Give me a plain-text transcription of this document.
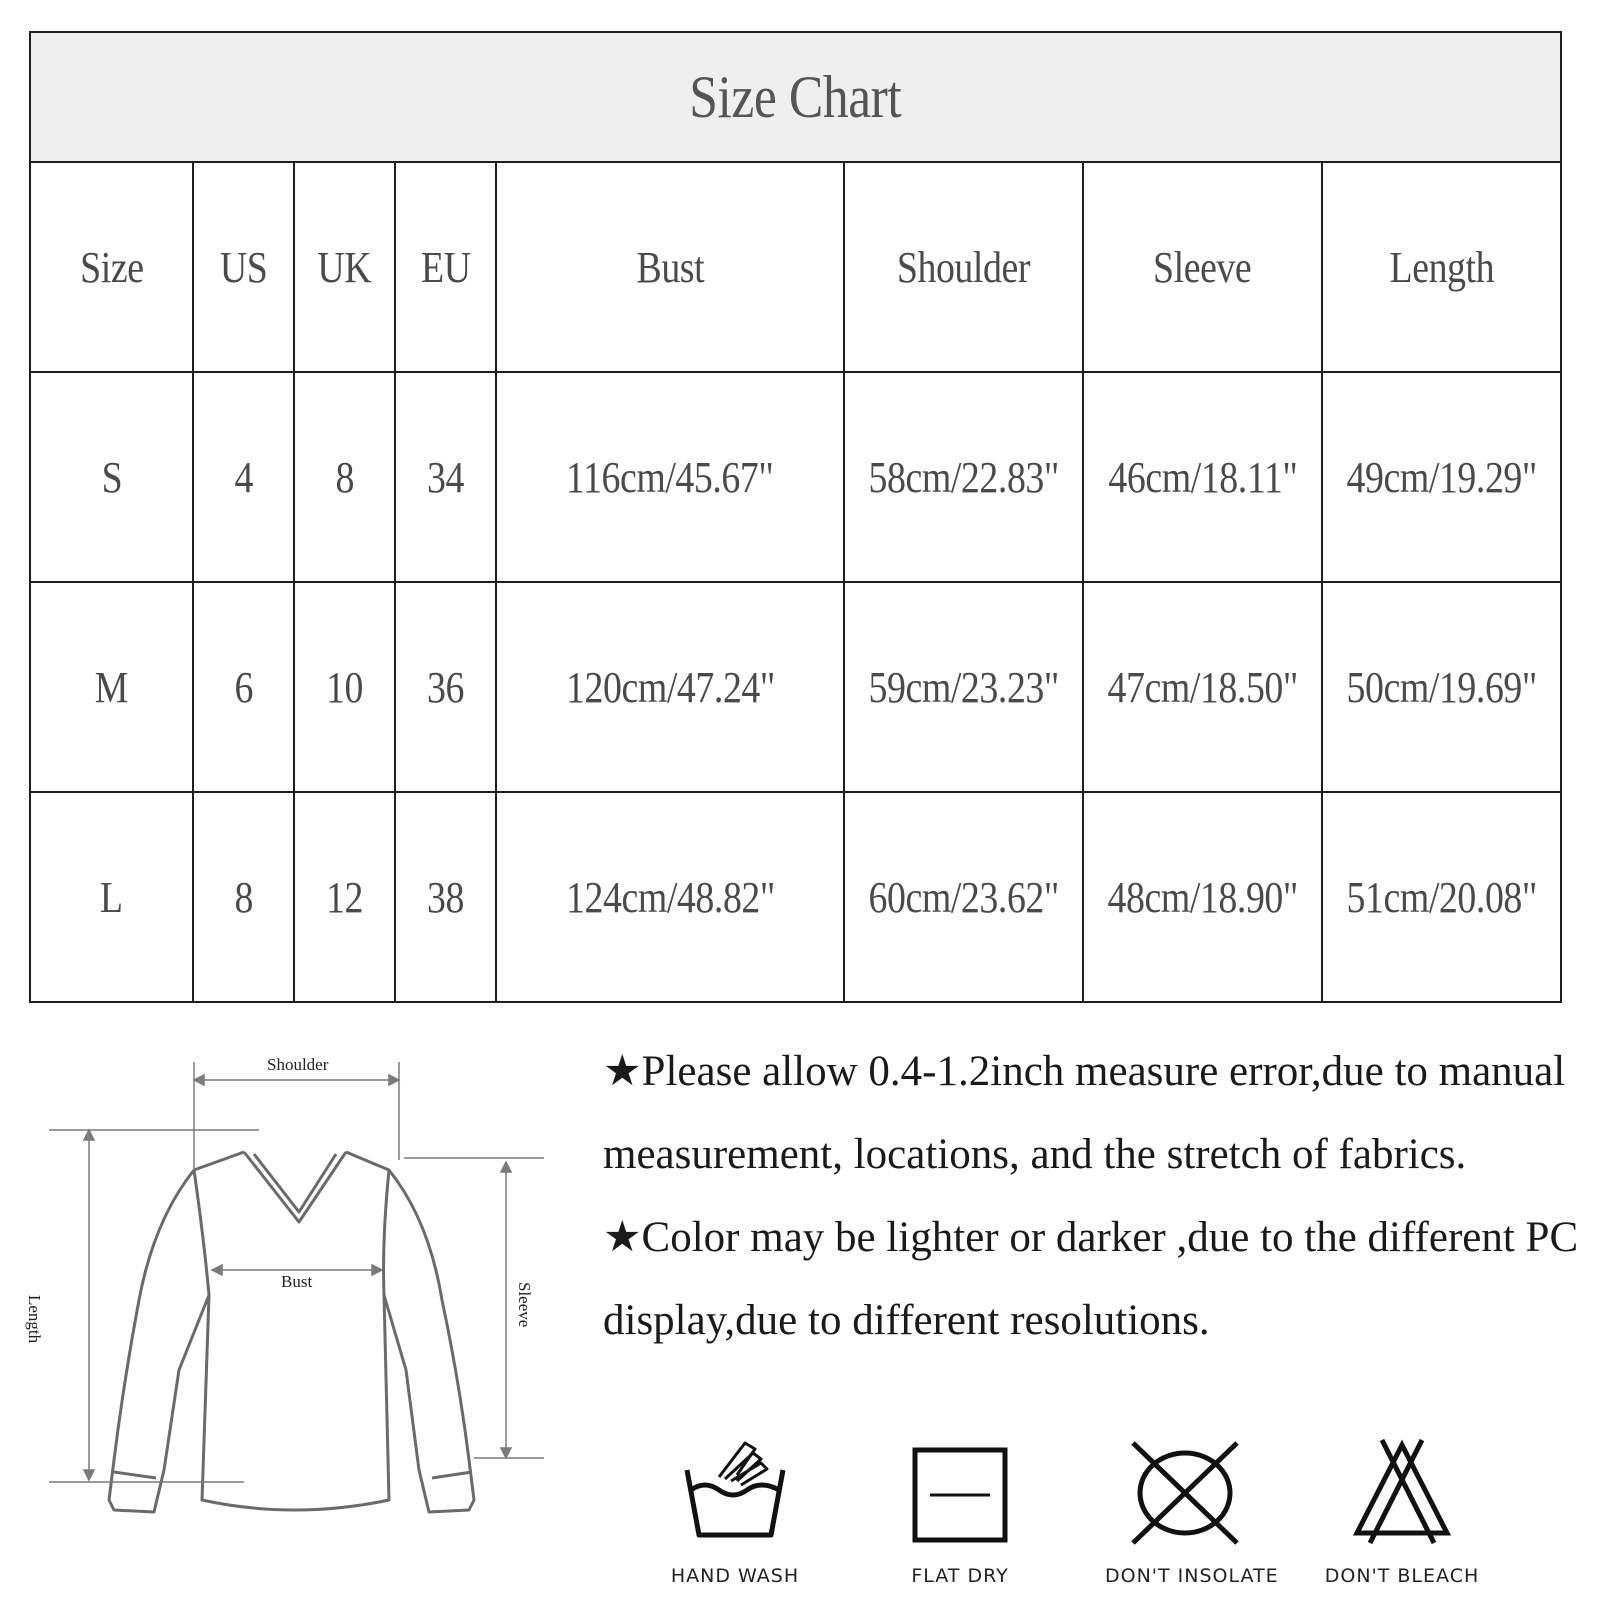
Size Chart							
Size	US	UK	EU	Bust	Shoulder	Sleeve	Length
S	4	8	34	116cm/45.67"	58cm/22.83"	46cm/18.11"	49cm/19.29"
M	6	10	36	120cm/47.24"	59cm/23.23"	47cm/18.50"	50cm/19.69"
L	8	12	38	124cm/48.82"	60cm/23.62"	48cm/18.90"	51cm/20.08"
Shoulder
Bust
Length	Sleeve

★Please allow 0.4-1.2inch measure error,due to manual measurement, locations, and the stretch of fabrics.

★Color may be lighter or darker ,due to the different PC display,due to different resolutions.

HAND WASH	FLAT DRY	DON'T INSOLATE DON'T BLEACH
